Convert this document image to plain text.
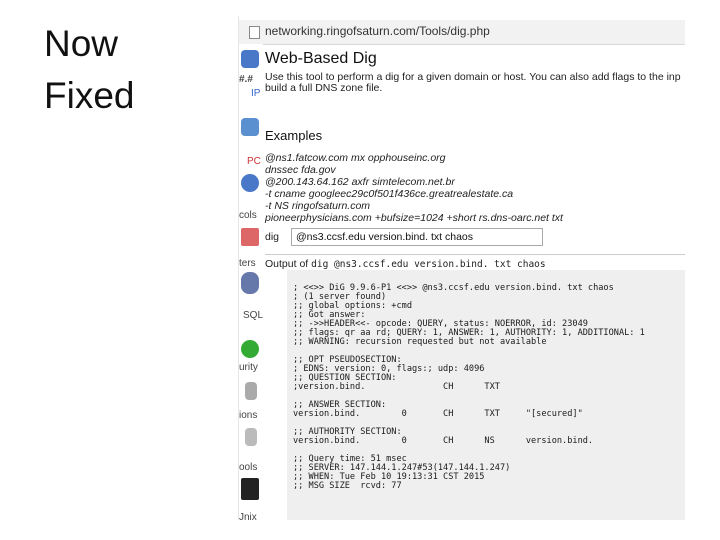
Now
Fixed
networking.ringofsaturn.com/Tools/dig.php
#.#
IP
PC
cols
ters
SQL
urity
ions
ools
Jnix
Web-Based Dig
Use this tool to perform a dig for a given domain or host. You can also add flags to the inp
build a full DNS zone file.
Examples
@ns1.fatcow.com mx opphouseinc.org
dnssec fda.gov
@200.143.64.162 axfr simtelecom.net.br
-t cname googleec29c0f501f436ce.greatrealestate.ca
-t NS ringofsaturn.com
pioneerphysicians.com +bufsize=1024 +short rs.dns-oarc.net txt
dig	@ns3.ccsf.edu version.bind. txt chaos
Output of dig @ns3.ccsf.edu version.bind. txt chaos
; <<>> DiG 9.9.6-P1 <<>> @ns3.ccsf.edu version.bind. txt chaos
; (1 server found)
;; global options: +cmd
;; Got answer:
;; ->>HEADER<<- opcode: QUERY, status: NOERROR, id: 23049
;; flags: qr aa rd; QUERY: 1, ANSWER: 1, AUTHORITY: 1, ADDITIONAL: 1
;; WARNING: recursion requested but not available

;; OPT PSEUDOSECTION:
; EDNS: version: 0, flags:; udp: 4096
;; QUESTION SECTION:
;version.bind.               CH      TXT

;; ANSWER SECTION:
version.bind.        0       CH      TXT     "[secured]"

;; AUTHORITY SECTION:
version.bind.        0       CH      NS      version.bind.

;; Query time: 51 msec
;; SERVER: 147.144.1.247#53(147.144.1.247)
;; WHEN: Tue Feb 10 19:13:31 CST 2015
;; MSG SIZE  rcvd: 77
